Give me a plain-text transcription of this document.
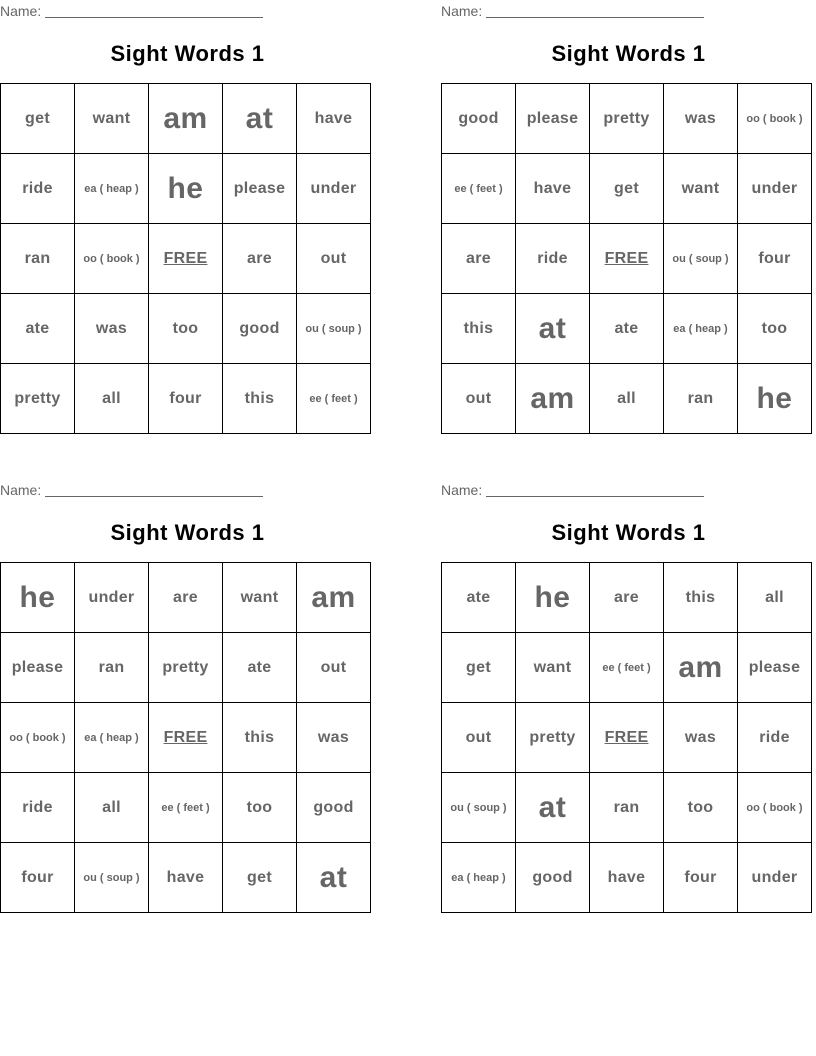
Name:
Sight Words 1
get	want	am	at	have
ride	ea ( heap )	he	please	under
ran	oo ( book )	FREE	are	out
ate	was	too	good	ou ( soup )
pretty	all	four	this	ee ( feet )
Name:
Sight Words 1
good	please	pretty	was	oo ( book )
ee ( feet )	have	get	want	under
are	ride	FREE	ou ( soup )	four
this	at	ate	ea ( heap )	too
out	am	all	ran	he
Name:
Sight Words 1
he	under	are	want	am
please	ran	pretty	ate	out
oo ( book )	ea ( heap )	FREE	this	was
ride	all	ee ( feet )	too	good
four	ou ( soup )	have	get	at
Name:
Sight Words 1
ate	he	are	this	all
get	want	ee ( feet )	am	please
out	pretty	FREE	was	ride
ou ( soup )	at	ran	too	oo ( book )
ea ( heap )	good	have	four	under
